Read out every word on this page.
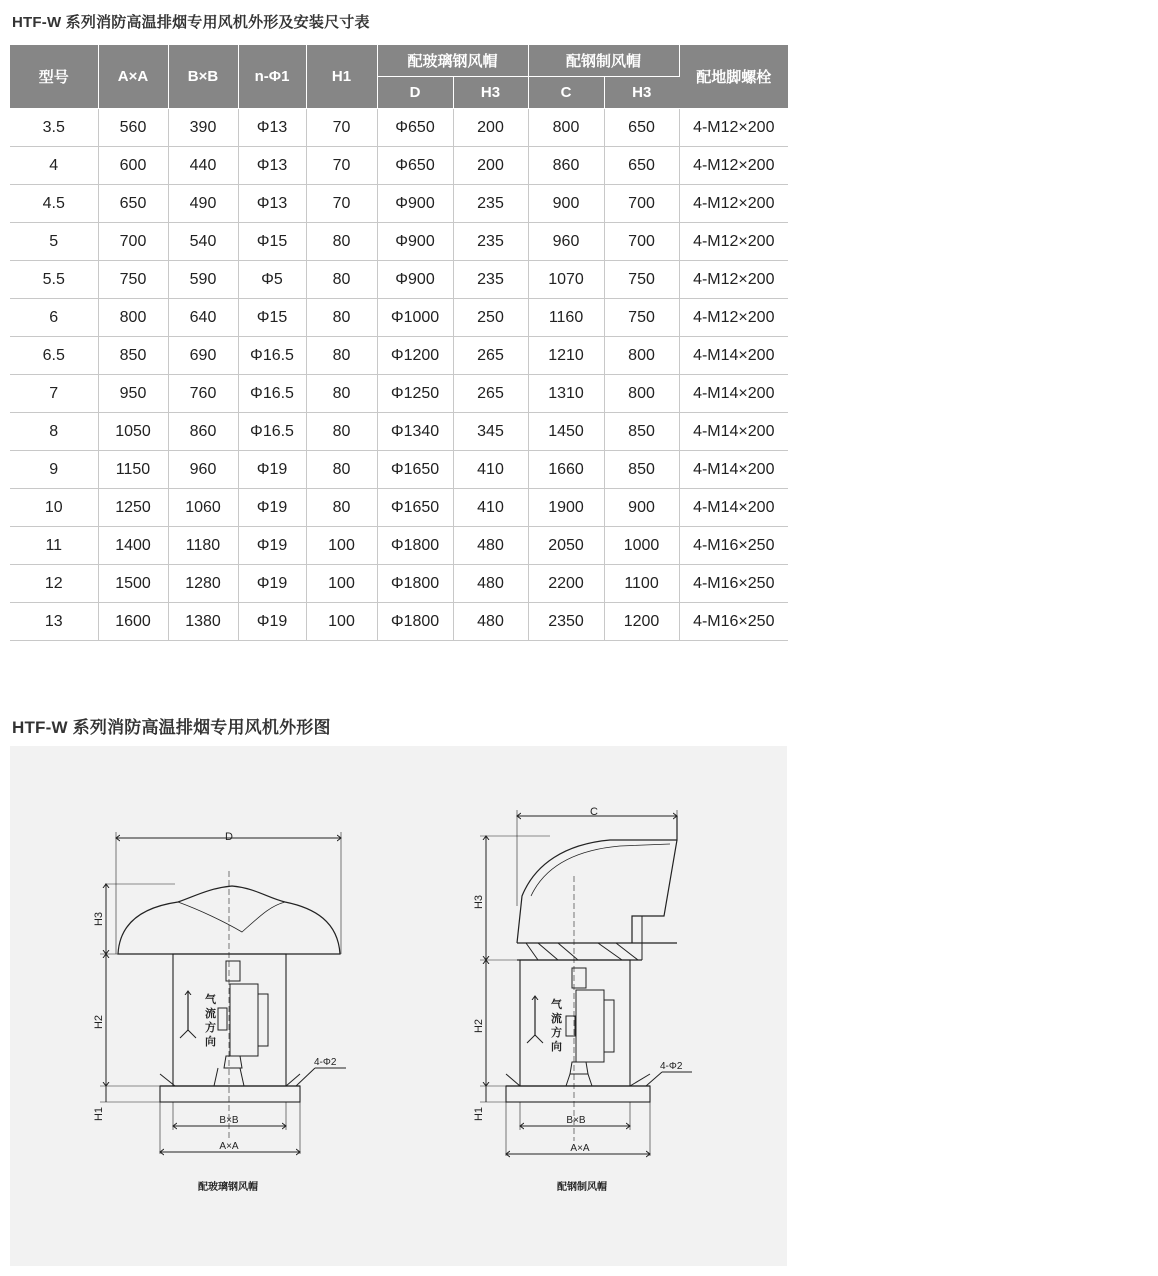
HTF-W 系列消防高温排烟专用风机外形及安装尺寸表
型号	A×A	B×B	n-Φ1	H1	配玻璃钢风帽		配钢制风帽		配地脚螺栓
					D	H3	C	H3	
3.5	560	390	Φ13	70	Φ650	200	800	650	4-M12×200
4	600	440	Φ13	70	Φ650	200	860	650	4-M12×200
4.5	650	490	Φ13	70	Φ900	235	900	700	4-M12×200
5	700	540	Φ15	80	Φ900	235	960	700	4-M12×200
5.5	750	590	Φ5	80	Φ900	235	1070	750	4-M12×200
6	800	640	Φ15	80	Φ1000	250	1160	750	4-M12×200
6.5	850	690	Φ16.5	80	Φ1200	265	1210	800	4-M14×200
7	950	760	Φ16.5	80	Φ1250	265	1310	800	4-M14×200
8	1050	860	Φ16.5	80	Φ1340	345	1450	850	4-M14×200
9	1150	960	Φ19	80	Φ1650	410	1660	850	4-M14×200
10	1250	1060	Φ19	80	Φ1650	410	1900	900	4-M14×200
11	1400	1180	Φ19	100	Φ1800	480	2050	1000	4-M16×250
12	1500	1280	Φ19	100	Φ1800	480	2200	1100	4-M16×250
13	1600	1380	Φ19	100	Φ1800	480	2350	1200	4-M16×250
HTF-W 系列消防高温排烟专用风机外形图
D
H3
H2
H1
气
流
方
向
4-Φ2
B×B
A×A
配玻璃钢风帽
C
H3
H2
H1
气
流
方
向
4-Φ2
B×B
A×A
配钢制风帽
